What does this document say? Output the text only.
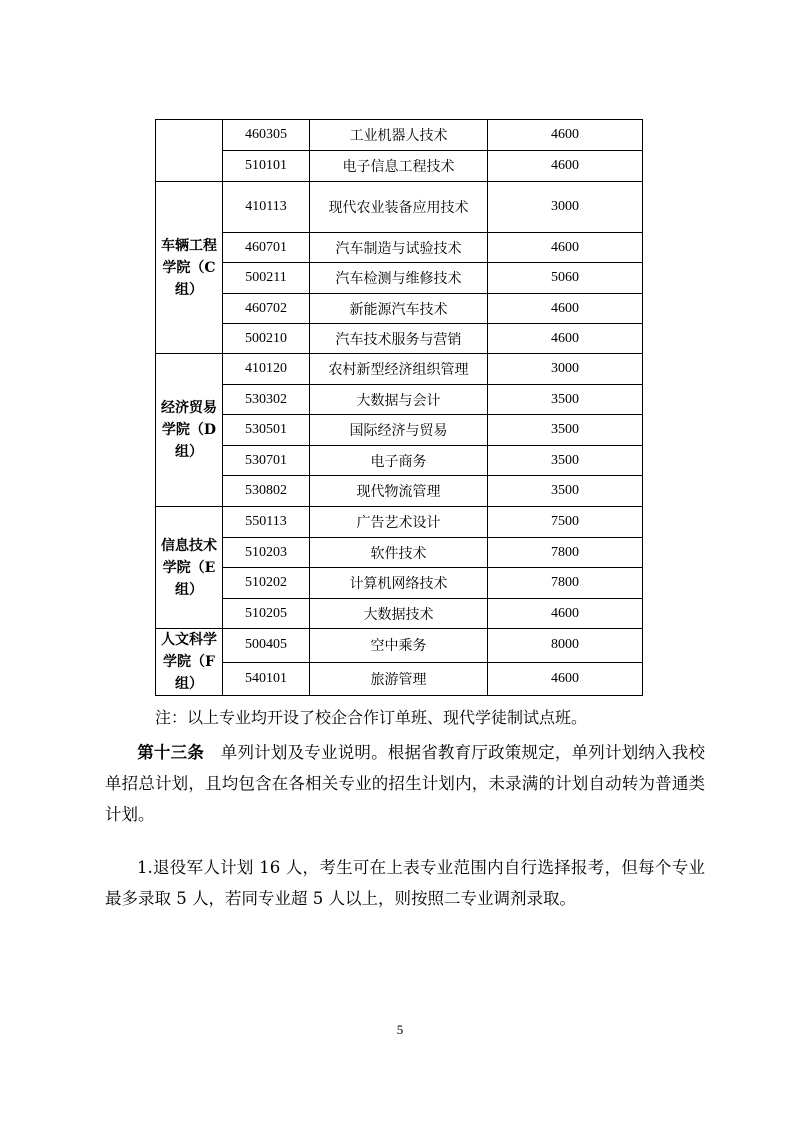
	460305	工业机器人技术	4600
	510101	电子信息工程技术	4600
车辆工程学院（C组）	410113	现代农业装备应用技术	3000
	460701	汽车制造与试验技术	4600
	500211	汽车检测与维修技术	5060
	460702	新能源汽车技术	4600
	500210	汽车技术服务与营销	4600
经济贸易学院（D组）	410120	农村新型经济组织管理	3000
	530302	大数据与会计	3500
	530501	国际经济与贸易	3500
	530701	电子商务	3500
	530802	现代物流管理	3500
信息技术学院（E组）	550113	广告艺术设计	7500
	510203	软件技术	7800
	510202	计算机网络技术	7800
	510205	大数据技术	4600
人文科学学院（F组）	500405	空中乘务	8000
	540101	旅游管理	4600
注：以上专业均开设了校企合作订单班、现代学徒制试点班。
第十三条　 单列计划及专业说明。根据省教育厅政策规定，单列计划纳入我校单招总计划，且均包含在各相关专业的招生计划内，未录满的计划自动转为普通类计划。
1.退役军人计划 16 人，考生可在上表专业范围内自行选择报考，但每个专业最多录取 5 人，若同专业超 5 人以上，则按照二专业调剂录取。
5
